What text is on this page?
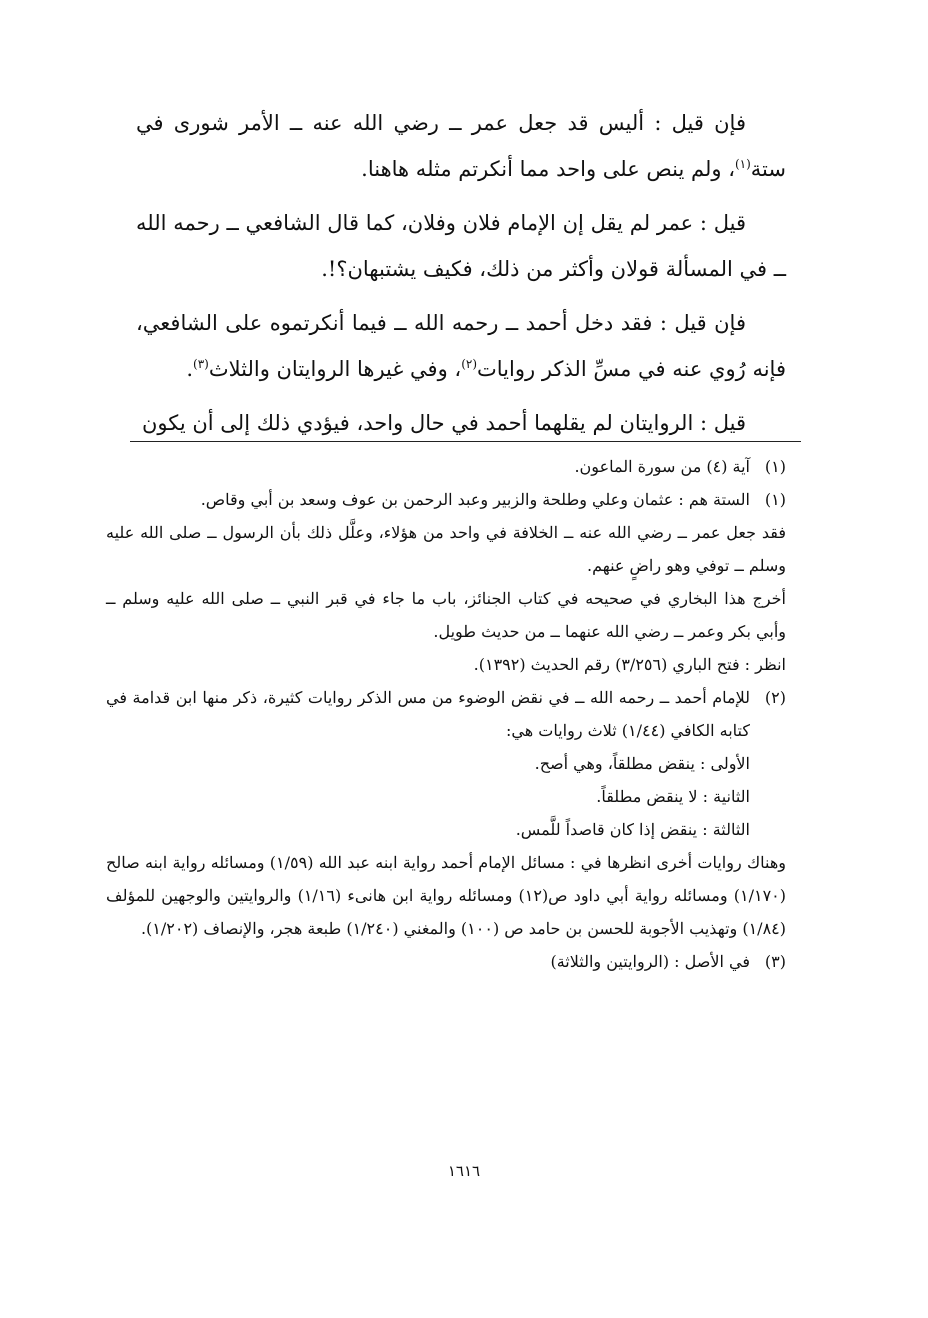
فإن قيل : أليس قد جعل عمر ــ رضي الله عنه ــ الأمر شورى في ستة$^{(١)}$، ولم ينص على واحد مما أنكرتم مثله هاهنا.

قيل : عمر لم يقل إن الإمام فلان وفلان، كما قال الشافعي ــ رحمه الله ــ في المسألة قولان وأكثر من ذلك، فكيف يشتبهان؟!.

فإن قيل : فقد دخل أحمد ــ رحمه الله ــ فيما أنكرتموه على الشافعي، فإنه رُوي عنه في مسِّ الذكر روايات$^{(٢)}$، وفي غيرها الروايتان والثلاث$^{(٣)}$.

قيل : الروايتان لم يقلهما أحمد في حال واحد، فيؤدي ذلك إلى أن يكون

(١)

آية (٤) من سورة الماعون.

(١)

الستة هم : عثمان وعلي وطلحة والزبير وعبد الرحمن بن عوف وسعد بن أبي وقاص.

فقد جعل عمر ــ رضي الله عنه ــ الخلافة في واحد من هؤلاء، وعلَّل ذلك بأن الرسول ــ صلى الله عليه وسلم ــ توفي وهو راضٍ عنهم.

أخرج هذا البخاري في صحيحه في كتاب الجنائز، باب ما جاء في قبر النبي ــ صلى الله عليه وسلم ــ وأبي بكر وعمر ــ رضي الله عنهما ــ من حديث طويل.

انظر : فتح الباري (٣/٢٥٦) رقم الحديث (١٣٩٢).

(٢)

للإمام أحمد ــ رحمه الله ــ في نقض الوضوء من مس الذكر روايات كثيرة، ذكر منها ابن قدامة في كتابه الكافي (١/٤٤) ثلاث روايات هي:

الأولى : ينقض مطلقاً، وهي أصح.

الثانية : لا ينقض مطلقاً.

الثالثة : ينقض إذا كان قاصداً للَّمس.

وهناك روايات أخرى انظرها في : مسائل الإمام أحمد رواية ابنه عبد الله (١/٥٩) ومسائله رواية ابنه صالح (١/١٧٠) ومسائله رواية أبي داود ص(١٢) ومسائله رواية ابن هانىء (١/١٦) والروايتين والوجهين للمؤلف (١/٨٤) وتهذيب الأجوبة للحسن بن حامد ص (١٠٠) والمغني (١/٢٤٠) طبعة هجر، والإنصاف (١/٢٠٢).

(٣)

في الأصل : (الروايتين والثلاثة)

١٦١٦
